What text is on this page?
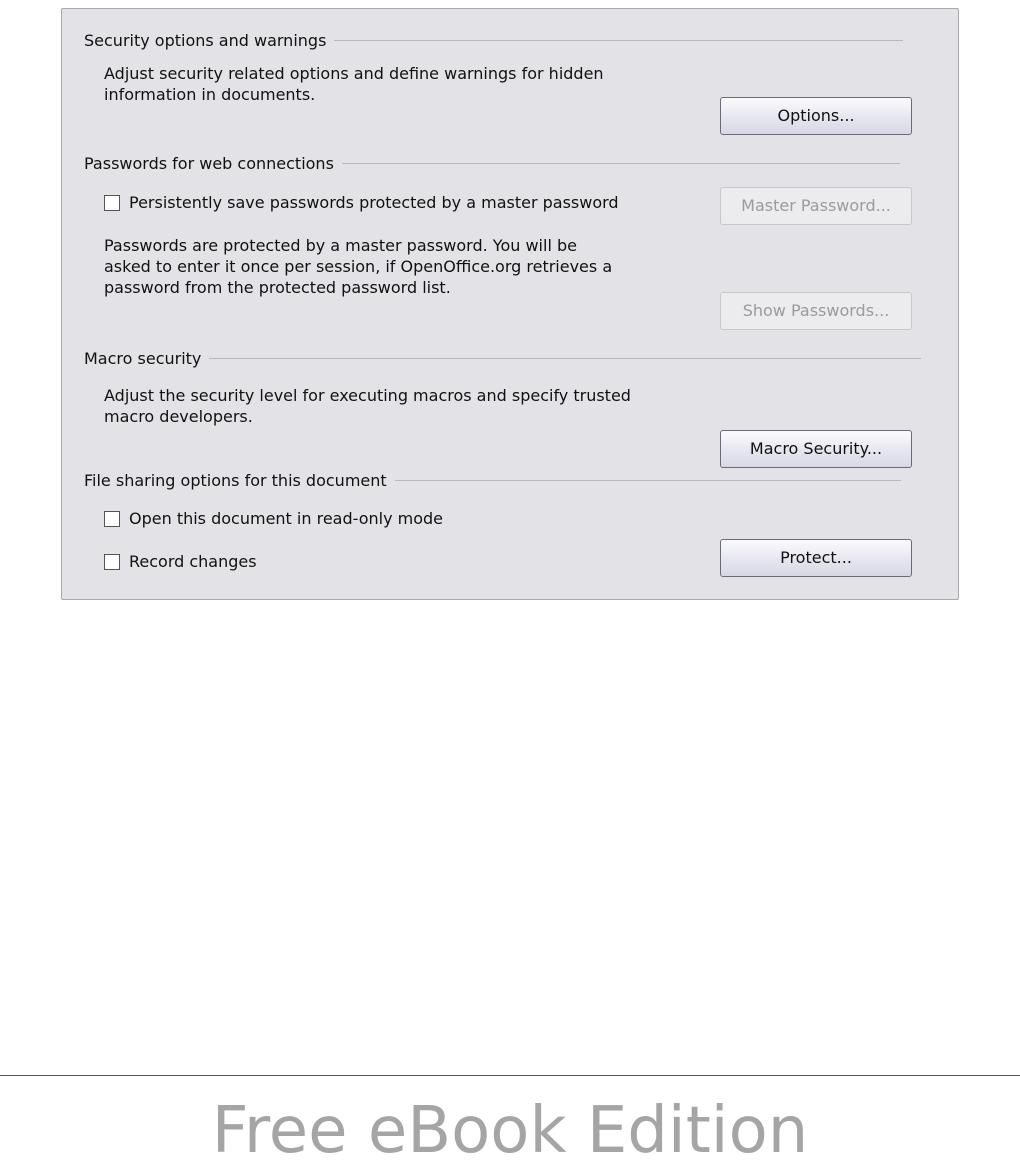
Security options and warnings
Adjust security related options and define warnings for hidden
information in documents.
Options...
Passwords for web connections
Persistently save passwords protected by a master password	Master Password...
Passwords are protected by a master password. You will be
asked to enter it once per session, if OpenOffice.org retrieves a
password from the protected password list.
Show Passwords...
Macro security
Adjust the security level for executing macros and specify trusted
macro developers.
Macro Security...
File sharing options for this document
Open this document in read-only mode
Record changes	Protect...
Free eBook Edition
